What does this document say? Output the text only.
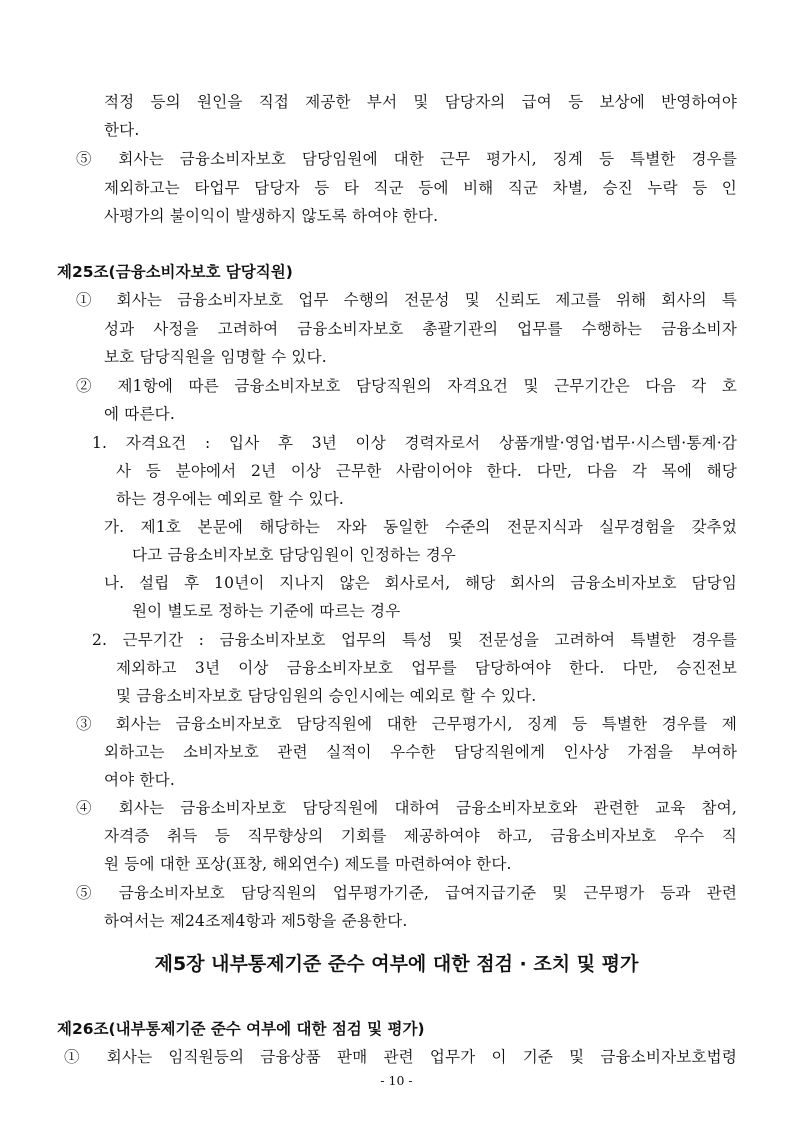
적정 등의 원인을 직접 제공한 부서 및 담당자의 급여 등 보상에 반영하여야
한다.
⑤ 회사는 금융소비자보호 담당임원에 대한 근무 평가시, 징계 등 특별한 경우를
제외하고는 타업무 담당자 등 타 직군 등에 비해 직군 차별, 승진 누락 등 인
사평가의 불이익이 발생하지 않도록 하여야 한다.
제25조(금융소비자보호 담당직원)
① 회사는 금융소비자보호 업무 수행의 전문성 및 신뢰도 제고를 위해 회사의 특
성과 사정을 고려하여 금융소비자보호 총괄기관의 업무를 수행하는 금융소비자
보호 담당직원을 임명할 수 있다.
② 제1항에 따른 금융소비자보호 담당직원의 자격요건 및 근무기간은 다음 각 호
에 따른다.
1. 자격요건 : 입사 후 3년 이상 경력자로서 상품개발·영업·법무·시스템·통계·감
사 등 분야에서 2년 이상 근무한 사람이어야 한다. 다만, 다음 각 목에 해당
하는 경우에는 예외로 할 수 있다.
가. 제1호 본문에 해당하는 자와 동일한 수준의 전문지식과 실무경험을 갖추었
다고 금융소비자보호 담당임원이 인정하는 경우
나. 설립 후 10년이 지나지 않은 회사로서, 해당 회사의 금융소비자보호 담당임
원이 별도로 정하는 기준에 따르는 경우
2. 근무기간 : 금융소비자보호 업무의 특성 및 전문성을 고려하여 특별한 경우를
제외하고 3년 이상 금융소비자보호 업무를 담당하여야 한다. 다만, 승진전보
및 금융소비자보호 담당임원의 승인시에는 예외로 할 수 있다.
③ 회사는 금융소비자보호 담당직원에 대한 근무평가시, 징계 등 특별한 경우를 제
외하고는 소비자보호 관련 실적이 우수한 담당직원에게 인사상 가점을 부여하
여야 한다.
④ 회사는 금융소비자보호 담당직원에 대하여 금융소비자보호와 관련한 교육 참여,
자격증 취득 등 직무향상의 기회를 제공하여야 하고, 금융소비자보호 우수 직
원 등에 대한 포상(표창, 해외연수) 제도를 마련하여야 한다.
⑤ 금융소비자보호 담당직원의 업무평가기준, 급여지급기준 및 근무평가 등과 관련
하여서는 제24조제4항과 제5항을 준용한다.
제5장 내부통제기준 준수 여부에 대한 점검 · 조치 및 평가
제26조(내부통제기준 준수 여부에 대한 점검 및 평가)
① 회사는 임직원등의 금융상품 판매 관련 업무가 이 기준 및 금융소비자보호법령
- 10 -
